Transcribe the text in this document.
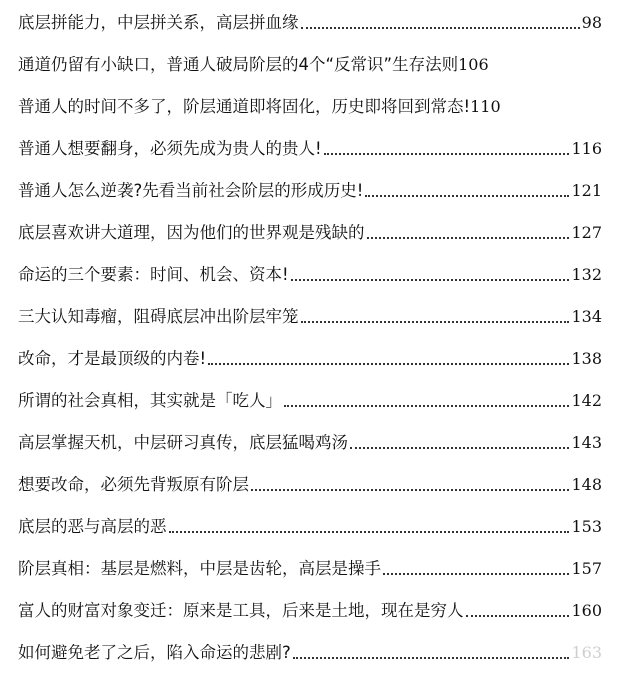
底层拼能力，中层拼关系，高层拼血缘	98
通道仍留有小缺口，普通人破局阶层的4个“反常识”生存法则 106
普通人的时间不多了，阶层通道即将固化，历史即将回到常态! 110
普通人想要翻身，必须先成为贵人的贵人!	116
普通人怎么逆袭?先看当前社会阶层的形成历史!	121
底层喜欢讲大道理，因为他们的世界观是残缺的	127
命运的三个要素：时间、机会、资本!	132
三大认知毒瘤，阻碍底层冲出阶层牢笼	134
改命，才是最顶级的内卷!	138
所谓的社会真相，其实就是「吃人」	142
高层掌握天机，中层研习真传，底层猛喝鸡汤	143
想要改命，必须先背叛原有阶层	148
底层的恶与高层的恶	153
阶层真相：基层是燃料，中层是齿轮，高层是操手	157
富人的财富对象变迁：原来是工具，后来是土地，现在是穷人	160
如何避免老了之后，陷入命运的悲剧?	163
